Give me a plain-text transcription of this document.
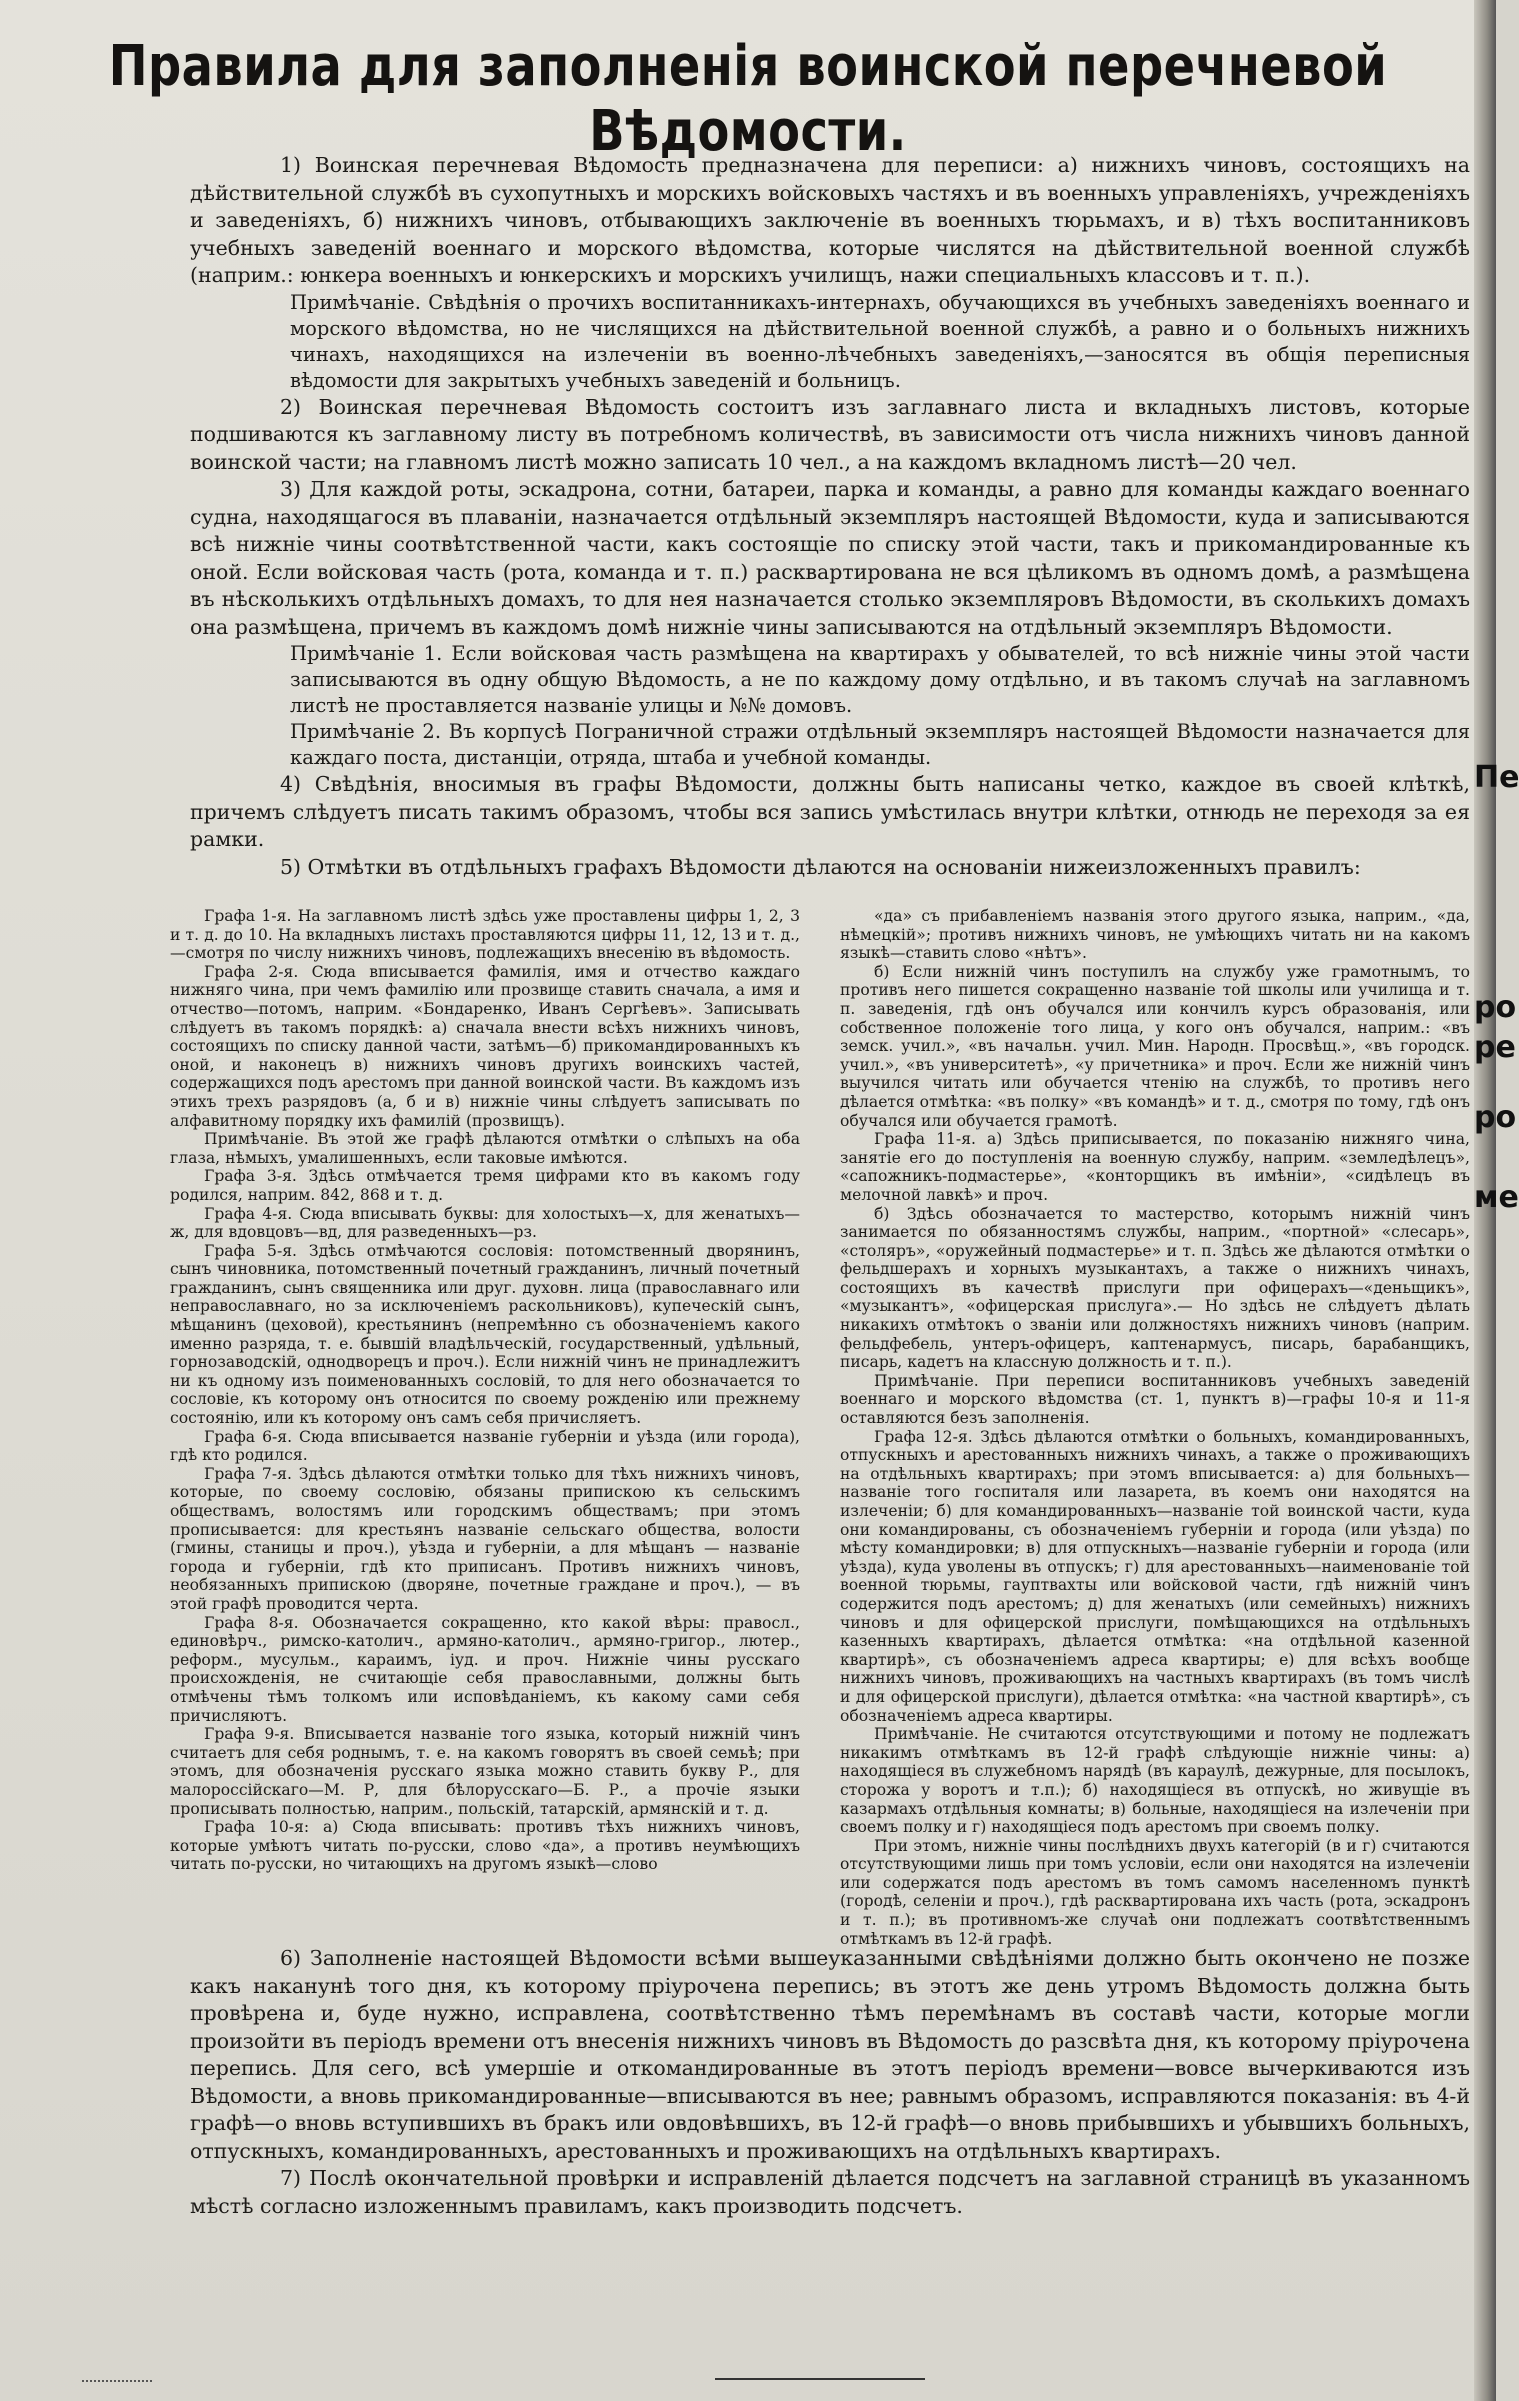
Пе
ро
ре
ро
ме
Правила для заполненія воинской перечневой Вѣдомости.

1) Воинская перечневая Вѣдомость предназначена для переписи: а) нижнихъ чиновъ, состоящихъ на дѣйствительной службѣ въ сухопутныхъ и морскихъ войсковыхъ частяхъ и въ военныхъ управленіяхъ, учрежденіяхъ и заведеніяхъ, б) нижнихъ чиновъ, отбывающихъ заключеніе въ военныхъ тюрьмахъ, и в) тѣхъ воспитанниковъ учебныхъ заведеній военнаго и морского вѣдомства, которые числятся на дѣйствительной военной службѣ (наприм.: юнкера военныхъ и юнкерскихъ и морскихъ училищъ, нажи специальныхъ классовъ и т. п.).

Примѣчаніе. Свѣдѣнія о прочихъ воспитанникахъ-интернахъ, обучающихся въ учебныхъ заведеніяхъ военнаго и морского вѣдомства, но не числящихся на дѣйствительной военной службѣ, а равно и о больныхъ нижнихъ чинахъ, находящихся на излеченіи въ военно-лѣчебныхъ заведеніяхъ,—заносятся въ общія переписныя вѣдомости для закрытыхъ учебныхъ заведеній и больницъ.

2) Воинская перечневая Вѣдомость состоитъ изъ заглавнаго листа и вкладныхъ листовъ, которые подшиваются къ заглавному листу въ потребномъ количествѣ, въ зависимости отъ числа нижнихъ чиновъ данной воинской части; на главномъ листѣ можно записать 10 чел., а на каждомъ вкладномъ листѣ—20 чел.

3) Для каждой роты, эскадрона, сотни, батареи, парка и команды, а равно для команды каждаго военнаго судна, находящагося въ плаваніи, назначается отдѣльный экземпляръ настоящей Вѣдомости, куда и записываются всѣ нижніе чины соотвѣтственной части, какъ состоящіе по списку этой части, такъ и прикомандированные къ оной. Если войсковая часть (рота, команда и т. п.) расквартирована не вся цѣликомъ въ одномъ домѣ, а размѣщена въ нѣсколькихъ отдѣльныхъ домахъ, то для нея назначается столько экземпляровъ Вѣдомости, въ сколькихъ домахъ она размѣщена, причемъ въ каждомъ домѣ нижніе чины записываются на отдѣльный экземпляръ Вѣдомости.

Примѣчаніе 1. Если войсковая часть размѣщена на квартирахъ у обывателей, то всѣ нижніе чины этой части записываются въ одну общую Вѣдомость, а не по каждому дому отдѣльно, и въ такомъ случаѣ на заглавномъ листѣ не проставляется названіе улицы и №№ домовъ.

Примѣчаніе 2. Въ корпусѣ Пограничной стражи отдѣльный экземпляръ настоящей Вѣдомости назначается для каждаго поста, дистанціи, отряда, штаба и учебной команды.

4) Свѣдѣнія, вносимыя въ графы Вѣдомости, должны быть написаны четко, каждое въ своей клѣткѣ, причемъ слѣдуетъ писать такимъ образомъ, чтобы вся запись умѣстилась внутри клѣтки, отнюдь не переходя за ея рамки.

5) Отмѣтки въ отдѣльныхъ графахъ Вѣдомости дѣлаются на основаніи нижеизложенныхъ правилъ:

Графа 1-я. На заглавномъ листѣ здѣсь уже проставлены цифры 1, 2, 3 и т. д. до 10. На вкладныхъ листахъ проставляются цифры 11, 12, 13 и т. д.,—смотря по числу нижнихъ чиновъ, подлежащихъ внесенію въ вѣдомость.

Графа 2-я. Сюда вписывается фамилія, имя и отчество каждаго нижняго чина, при чемъ фамилію или прозвище ставить сначала, а имя и отчество—потомъ, наприм. «Бондаренко, Иванъ Сергѣевъ». Записывать слѣдуетъ въ такомъ порядкѣ: а) сначала внести всѣхъ нижнихъ чиновъ, состоящихъ по списку данной части, затѣмъ—б) прикомандированныхъ къ оной, и наконецъ в) нижнихъ чиновъ другихъ воинскихъ частей, содержащихся подъ арестомъ при данной воинской части. Въ каждомъ изъ этихъ трехъ разрядовъ (а, б и в) нижніе чины слѣдуетъ записывать по алфавитному порядку ихъ фамилій (прозвищъ).

Примѣчаніе. Въ этой же графѣ дѣлаются отмѣтки о слѣпыхъ на оба глаза, нѣмыхъ, умалишенныхъ, если таковые имѣются.

Графа 3-я. Здѣсь отмѣчается тремя цифрами кто въ какомъ году родился, наприм. 842, 868 и т. д.

Графа 4-я. Сюда вписывать буквы: для холостыхъ—х, для женатыхъ—ж, для вдовцовъ—вд, для разведенныхъ—рз.

Графа 5-я. Здѣсь отмѣчаются сословія: потомственный дворянинъ, сынъ чиновника, потомственный почетный гражданинъ, личный почетный гражданинъ, сынъ священника или друг. духовн. лица (православнаго или неправославнаго, но за исключеніемъ раскольниковъ), купеческій сынъ, мѣщанинъ (цеховой), крестьянинъ (непремѣнно съ обозначеніемъ какого именно разряда, т. е. бывшій владѣльческій, государственный, удѣльный, горнозаводскій, однодворецъ и проч.). Если нижній чинъ не принадлежитъ ни къ одному изъ поименованныхъ сословій, то для него обозначается то сословіе, къ которому онъ относится по своему рожденію или прежнему состоянію, или къ которому онъ самъ себя причисляетъ.

Графа 6-я. Сюда вписывается названіе губерніи и уѣзда (или города), гдѣ кто родился.

Графа 7-я. Здѣсь дѣлаются отмѣтки только для тѣхъ нижнихъ чиновъ, которые, по своему сословію, обязаны припискою къ сельскимъ обществамъ, волостямъ или городскимъ обществамъ; при этомъ прописывается: для крестьянъ названіе сельскаго общества, волости (гмины, станицы и проч.), уѣзда и губерніи, а для мѣщанъ — названіе города и губерніи, гдѣ кто приписанъ. Противъ нижнихъ чиновъ, необязанныхъ припискою (дворяне, почетные граждане и проч.), — въ этой графѣ проводится черта.

Графа 8-я. Обозначается сокращенно, кто какой вѣры: правосл., единовѣрч., римско-католич., армяно-католич., армяно-григор., лютер., реформ., мусульм., караимъ, іуд. и проч. Нижніе чины русскаго происхожденія, не считающіе себя православными, должны быть отмѣчены тѣмъ толкомъ или исповѣданіемъ, къ какому сами себя причисляютъ.

Графа 9-я. Вписывается названіе того языка, который нижній чинъ считаетъ для себя роднымъ, т. е. на какомъ говорятъ въ своей семьѣ; при этомъ, для обозначенія русскаго языка можно ставить букву Р., для малороссійскаго—М. Р, для бѣлорусскаго—Б. Р., а прочіе языки прописывать полностью, наприм., польскій, татарскій, армянскій и т. д.

Графа 10-я: а) Сюда вписывать: противъ тѣхъ нижнихъ чиновъ, которые умѣютъ читать по-русски, слово «да», а противъ неумѣющихъ читать по-русски, но читающихъ на другомъ языкѣ—слово

«да» съ прибавленіемъ названія этого другого языка, наприм., «да, нѣмецкій»; противъ нижнихъ чиновъ, не умѣющихъ читать ни на какомъ языкѣ—ставить слово «нѣтъ».

б) Если нижній чинъ поступилъ на службу уже грамотнымъ, то противъ него пишется сокращенно названіе той школы или училища и т. п. заведенія, гдѣ онъ обучался или кончилъ курсъ образованія, или собственное положеніе того лица, у кого онъ обучался, наприм.: «въ земск. учил.», «въ начальн. учил. Мин. Народн. Просвѣщ.», «въ городск. учил.», «въ университетѣ», «у причетника» и проч. Если же нижній чинъ выучился читать или обучается чтенію на службѣ, то противъ него дѣлается отмѣтка: «въ полку» «въ командѣ» и т. д., смотря по тому, гдѣ онъ обучался или обучается грамотѣ.

Графа 11-я. а) Здѣсь приписывается, по показанію нижняго чина, занятіе его до поступленія на военную службу, наприм. «земледѣлецъ», «сапожникъ-подмастерье», «конторщикъ въ имѣніи», «сидѣлецъ въ мелочной лавкѣ» и проч.

б) Здѣсь обозначается то мастерство, которымъ нижній чинъ занимается по обязанностямъ службы, наприм., «портной» «слесарь», «столяръ», «оружейный подмастерье» и т. п. Здѣсь же дѣлаются отмѣтки о фельдшерахъ и хорныхъ музыкантахъ, а также о нижнихъ чинахъ, состоящихъ въ качествѣ прислуги при офицерахъ—«деньщикъ», «музыкантъ», «офицерская прислуга».— Но здѣсь не слѣдуетъ дѣлать никакихъ отмѣтокъ о званіи или должностяхъ нижнихъ чиновъ (наприм. фельдфебель, унтеръ-офицеръ, каптенармусъ, писарь, барабанщикъ, писарь, кадетъ на классную должность и т. п.).

Примѣчаніе. При переписи воспитанниковъ учебныхъ заведеній военнаго и морского вѣдомства (ст. 1, пунктъ в)—графы 10-я и 11-я оставляются безъ заполненія.

Графа 12-я. Здѣсь дѣлаются отмѣтки о больныхъ, командированныхъ, отпускныхъ и арестованныхъ нижнихъ чинахъ, а также о проживающихъ на отдѣльныхъ квартирахъ; при этомъ вписывается: а) для больныхъ—названіе того госпиталя или лазарета, въ коемъ они находятся на излеченіи; б) для командированныхъ—названіе той воинской части, куда они командированы, съ обозначеніемъ губерніи и города (или уѣзда) по мѣсту командировки; в) для отпускныхъ—названіе губерніи и города (или уѣзда), куда уволены въ отпускъ; г) для арестованныхъ—наименованіе той военной тюрьмы, гауптвахты или войсковой части, гдѣ нижній чинъ содержится подъ арестомъ; д) для женатыхъ (или семейныхъ) нижнихъ чиновъ и для офицерской прислуги, помѣщающихся на отдѣльныхъ казенныхъ квартирахъ, дѣлается отмѣтка: «на отдѣльной казенной квартирѣ», съ обозначеніемъ адреса квартиры; е) для всѣхъ вообще нижнихъ чиновъ, проживающихъ на частныхъ квартирахъ (въ томъ числѣ и для офицерской прислуги), дѣлается отмѣтка: «на частной квартирѣ», съ обозначеніемъ адреса квартиры.

Примѣчаніе. Не считаются отсутствующими и потому не подлежатъ никакимъ отмѣткамъ въ 12-й графѣ слѣдующіе нижніе чины: а) находящіеся въ служебномъ нарядѣ (въ караулѣ, дежурные, для посылокъ, сторожа у воротъ и т.п.); б) находящіеся въ отпускѣ, но живущіе въ казармахъ отдѣльныя комнаты; в) больные, находящіеся на излеченіи при своемъ полку и г) находящіеся подъ арестомъ при своемъ полку.

При этомъ, нижніе чины послѣднихъ двухъ категорій (в и г) считаются отсутствующими лишь при томъ условіи, если они находятся на излеченіи или содержатся подъ арестомъ въ томъ самомъ населенномъ пунктѣ (городѣ, селеніи и проч.), гдѣ расквартирована ихъ часть (рота, эскадронъ и т. п.); въ противномъ-же случаѣ они подлежатъ соотвѣтственнымъ отмѣткамъ въ 12-й графѣ.

6) Заполненіе настоящей Вѣдомости всѣми вышеуказанными свѣдѣніями должно быть окончено не позже какъ наканунѣ того дня, къ которому пріурочена перепись; въ этотъ же день утромъ Вѣдомость должна быть провѣрена и, буде нужно, исправлена, соотвѣтственно тѣмъ перемѣнамъ въ составѣ части, которые могли произойти въ періодъ времени отъ внесенія нижнихъ чиновъ въ Вѣдомость до разсвѣта дня, къ которому пріурочена перепись. Для сего, всѣ умершіе и откомандированные въ этотъ періодъ времени—вовсе вычеркиваются изъ Вѣдомости, а вновь прикомандированные—вписываются въ нее; равнымъ образомъ, исправляются показанія: въ 4-й графѣ—о вновь вступившихъ въ бракъ или овдовѣвшихъ, въ 12-й графѣ—о вновь прибывшихъ и убывшихъ больныхъ, отпускныхъ, командированныхъ, арестованныхъ и проживающихъ на отдѣльныхъ квартирахъ.

7) Послѣ окончательной провѣрки и исправленій дѣлается подсчетъ на заглавной страницѣ въ указанномъ мѣстѣ согласно изложеннымъ правиламъ, какъ производить подсчетъ.
